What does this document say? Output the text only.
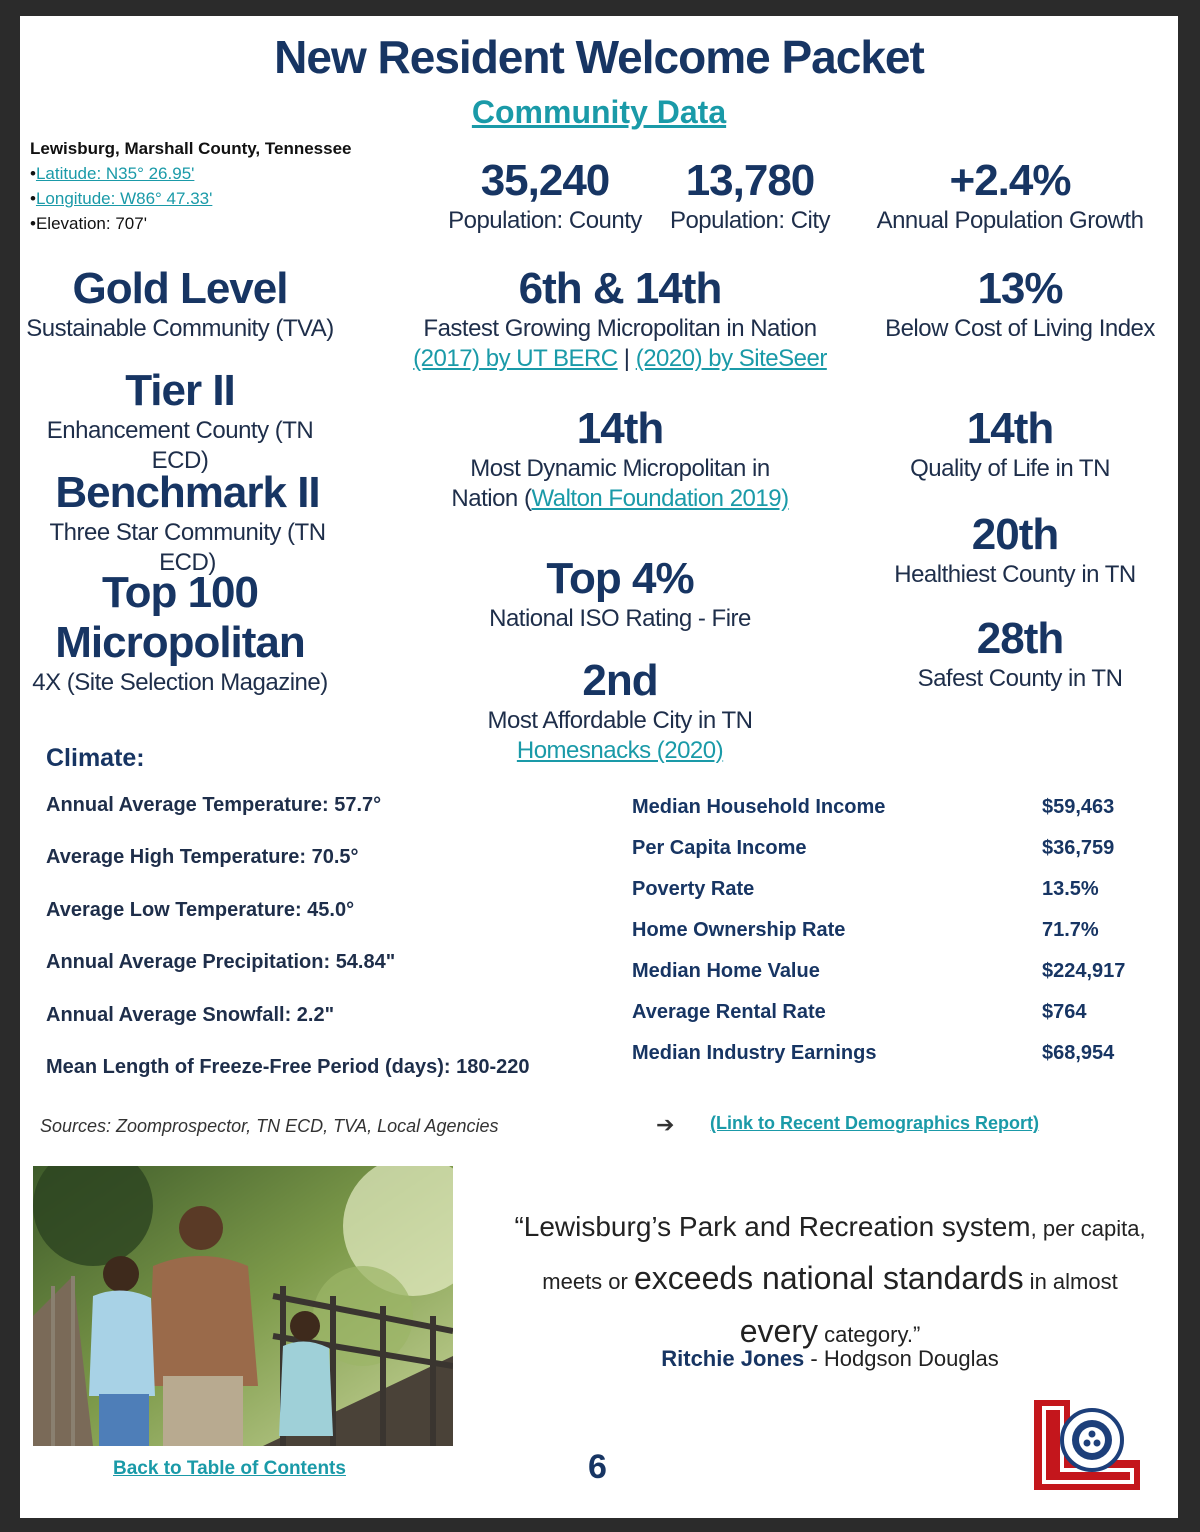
New Resident Welcome Packet
Community Data
Lewisburg, Marshall County, Tennessee
•Latitude: N35° 26.95'
•Longitude: W86° 47.33'
•Elevation: 707'
35,240
Population: County
13,780
Population: City
+2.4%
Annual Population Growth
Gold Level
Sustainable Community (TVA)
Tier II
Enhancement County (TN ECD)
Benchmark II
Three Star Community (TN ECD)
Top 100
Micropolitan
4X (Site Selection Magazine)
6th & 14th
Fastest Growing Micropolitan in Nation
(2017) by UT BERC | (2020) by SiteSeer
14th
Most Dynamic Micropolitan in
Nation (Walton Foundation 2019)
Top 4%
National ISO Rating - Fire
2nd
Most Affordable City in TN
Homesnacks (2020)
13%
Below Cost of Living Index
14th
Quality of Life in TN
20th
Healthiest County in TN
28th
Safest County in TN
Climate:
Annual Average Temperature: 57.7°
Average High Temperature: 70.5°
Average Low Temperature: 45.0°
Annual Average Precipitation: 54.84"
Annual Average Snowfall: 2.2"
Mean Length of Freeze-Free Period (days): 180-220
Median Household Income	$59,463
Per Capita Income	$36,759
Poverty Rate	13.5%
Home Ownership Rate	71.7%
Median Home Value	$224,917
Average Rental Rate	$764
Median Industry Earnings	$68,954
Sources: Zoomprospector, TN ECD, TVA, Local Agencies	➔ (Link to Recent Demographics Report)
“Lewisburg’s Park and Recreation system, per capita,
meets or exceeds national standards in almost
every category.”
Ritchie Jones - Hodgson Douglas
Back to Table of Contents	6
